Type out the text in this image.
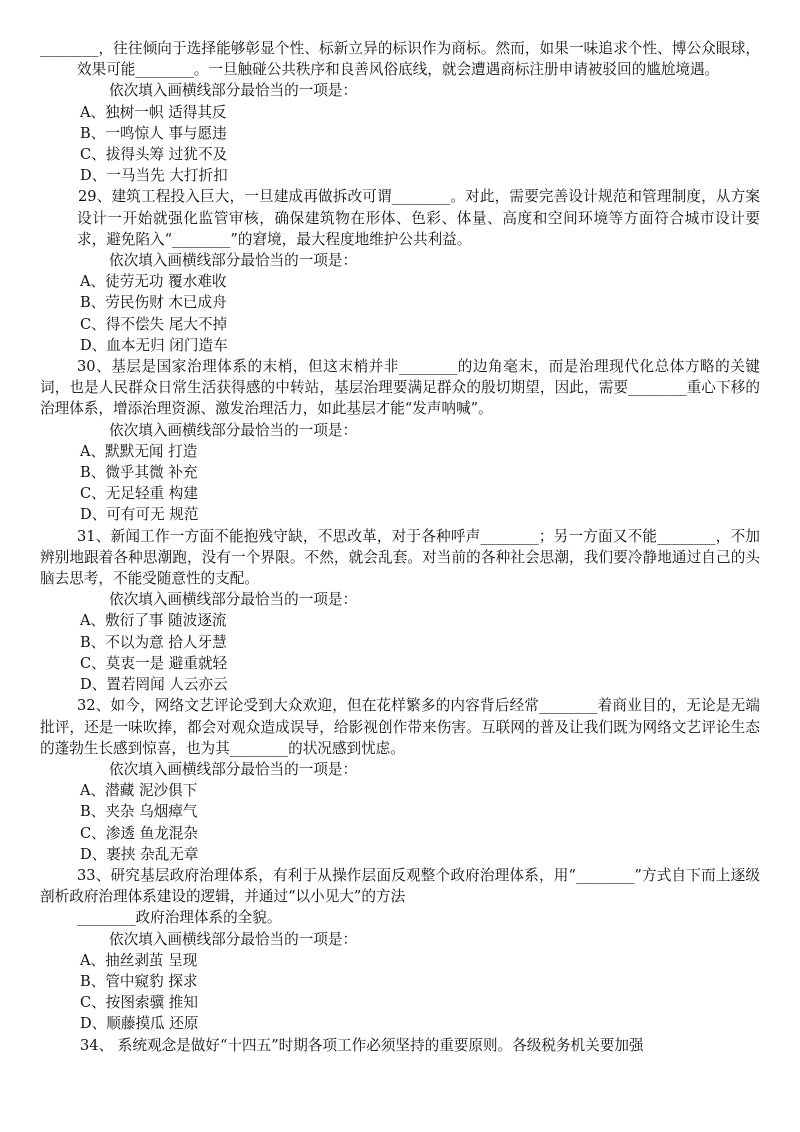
________，往往倾向于选择能够彰显个性、标新立异的标识作为商标。然而，如果一味追求个性、博公众眼球，效果可能________。一旦触碰公共秩序和良善风俗底线，就会遭遇商标注册申请被驳回的尴尬境遇。

依次填入画横线部分最恰当的一项是：

A、独树一帜 适得其反

B、一鸣惊人 事与愿违

C、拔得头筹 过犹不及

D、一马当先 大打折扣

29、建筑工程投入巨大，一旦建成再做拆改可谓________。对此，需要完善设计规范和管理制度，从方案设计一开始就强化监管审核，确保建筑物在形体、色彩、体量、高度和空间环境等方面符合城市设计要求，避免陷入“________”的窘境，最大程度地维护公共利益。

依次填入画横线部分最恰当的一项是：

A、徒劳无功 覆水难收

B、劳民伤财 木已成舟

C、得不偿失 尾大不掉

D、血本无归 闭门造车

30、基层是国家治理体系的末梢，但这末梢并非________的边角毫末，而是治理现代化总体方略的关键词，也是人民群众日常生活获得感的中转站，基层治理要满足群众的殷切期望，因此，需要________重心下移的治理体系，增添治理资源、激发治理活力，如此基层才能“发声呐喊”。

依次填入画横线部分最恰当的一项是：

A、默默无闻 打造

B、微乎其微 补充

C、无足轻重 构建

D、可有可无 规范

31、新闻工作一方面不能抱残守缺，不思改革，对于各种呼声________；另一方面又不能________，不加辨别地跟着各种思潮跑，没有一个界限。不然，就会乱套。对当前的各种社会思潮，我们要冷静地通过自己的头脑去思考，不能受随意性的支配。

依次填入画横线部分最恰当的一项是：

A、敷衍了事 随波逐流

B、不以为意 拾人牙慧

C、莫衷一是 避重就轻

D、置若罔闻 人云亦云

32、如今，网络文艺评论受到大众欢迎，但在花样繁多的内容背后经常________着商业目的，无论是无端批评，还是一味吹捧，都会对观众造成误导，给影视创作带来伤害。互联网的普及让我们既为网络文艺评论生态的蓬勃生长感到惊喜，也为其________的状况感到忧虑。

依次填入画横线部分最恰当的一项是：

A、潜藏 泥沙俱下

B、夹杂 乌烟瘴气

C、渗透 鱼龙混杂

D、裹挟 杂乱无章

33、研究基层政府治理体系，有利于从操作层面反观整个政府治理体系，用“________”方式自下而上逐级剖析政府治理体系建设的逻辑，并通过“以小见大”的方法
________政府治理体系的全貌。

依次填入画横线部分最恰当的一项是：

A、抽丝剥茧 呈现

B、管中窥豹 探求

C、按图索骥 推知

D、顺藤摸瓜 还原

34、 系统观念是做好“十四五”时期各项工作必须坚持的重要原则。各级税务机关要加强
